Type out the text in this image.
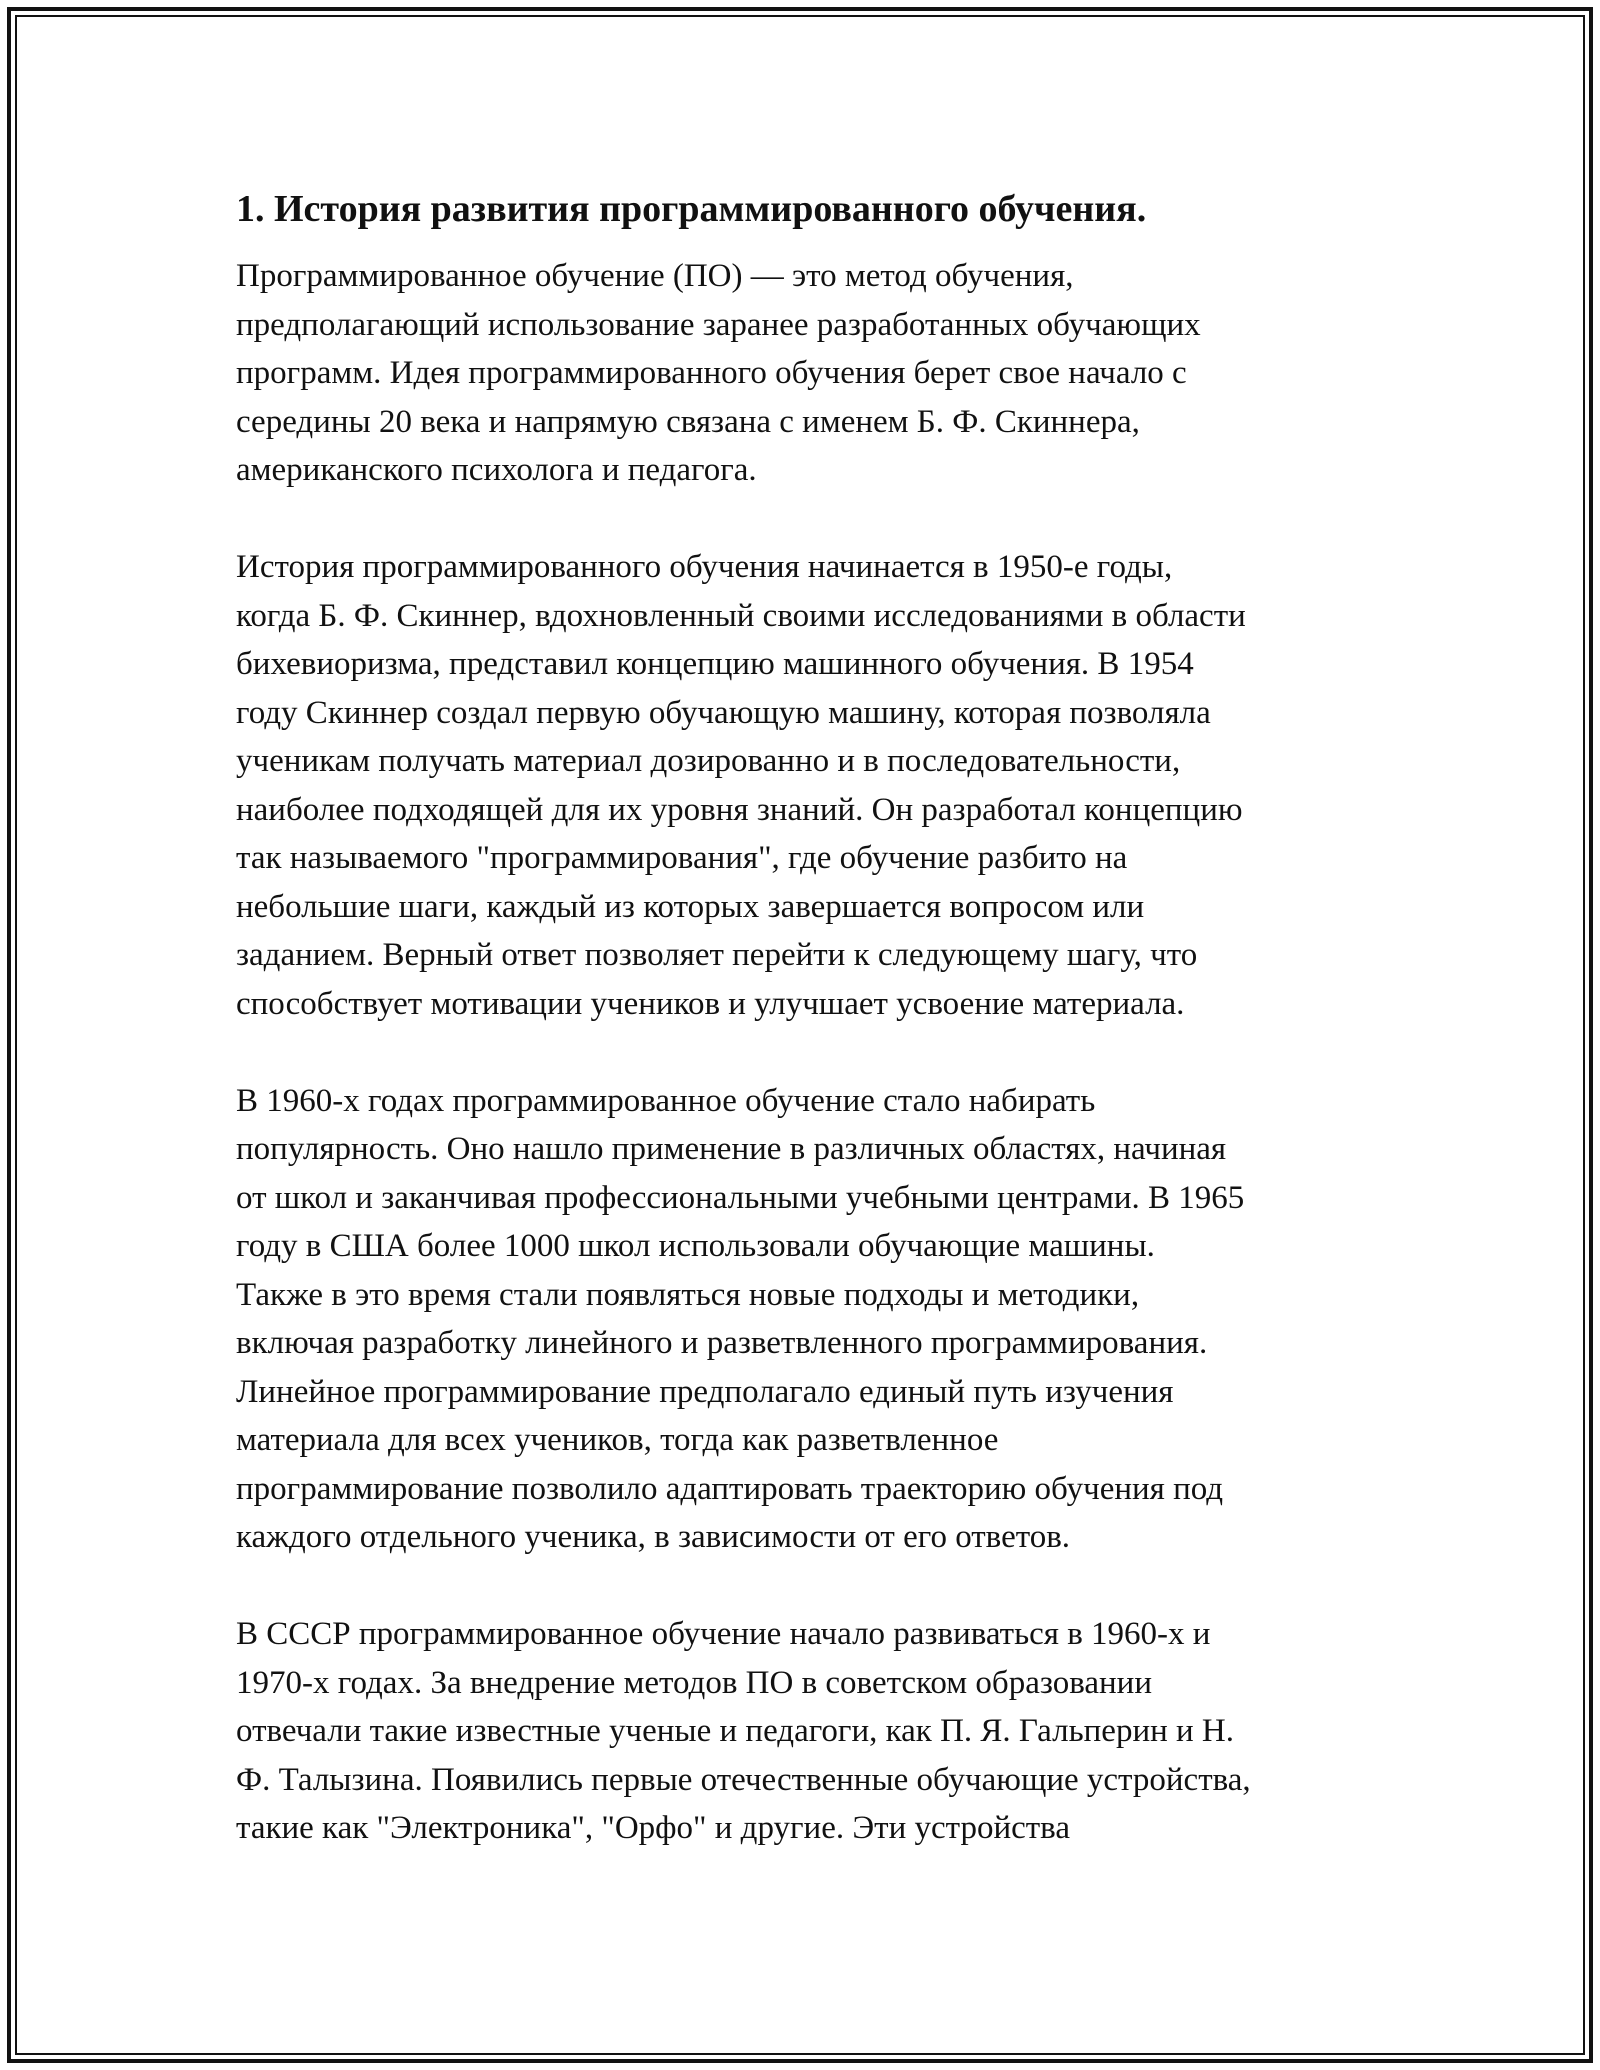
1. История развития программированного обучения.
Программированное обучение (ПО) — это метод обучения,
предполагающий использование заранее разработанных обучающих
программ. Идея программированного обучения берет свое начало с
середины 20 века и напрямую связана с именем Б. Ф. Скиннера,
американского психолога и педагога.
История программированного обучения начинается в 1950-е годы,
когда Б. Ф. Скиннер, вдохновленный своими исследованиями в области
бихевиоризма, представил концепцию машинного обучения. В 1954
году Скиннер создал первую обучающую машину, которая позволяла
ученикам получать материал дозированно и в последовательности,
наиболее подходящей для их уровня знаний. Он разработал концепцию
так называемого "программирования", где обучение разбито на
небольшие шаги, каждый из которых завершается вопросом или
заданием. Верный ответ позволяет перейти к следующему шагу, что
способствует мотивации учеников и улучшает усвоение материала.
В 1960-х годах программированное обучение стало набирать
популярность. Оно нашло применение в различных областях, начиная
от школ и заканчивая профессиональными учебными центрами. В 1965
году в США более 1000 школ использовали обучающие машины.
Также в это время стали появляться новые подходы и методики,
включая разработку линейного и разветвленного программирования.
Линейное программирование предполагало единый путь изучения
материала для всех учеников, тогда как разветвленное
программирование позволило адаптировать траекторию обучения под
каждого отдельного ученика, в зависимости от его ответов.
В СССР программированное обучение начало развиваться в 1960-х и
1970-х годах. За внедрение методов ПО в советском образовании
отвечали такие известные ученые и педагоги, как П. Я. Гальперин и Н.
Ф. Талызина. Появились первые отечественные обучающие устройства,
такие как "Электроника", "Орфо" и другие. Эти устройства
